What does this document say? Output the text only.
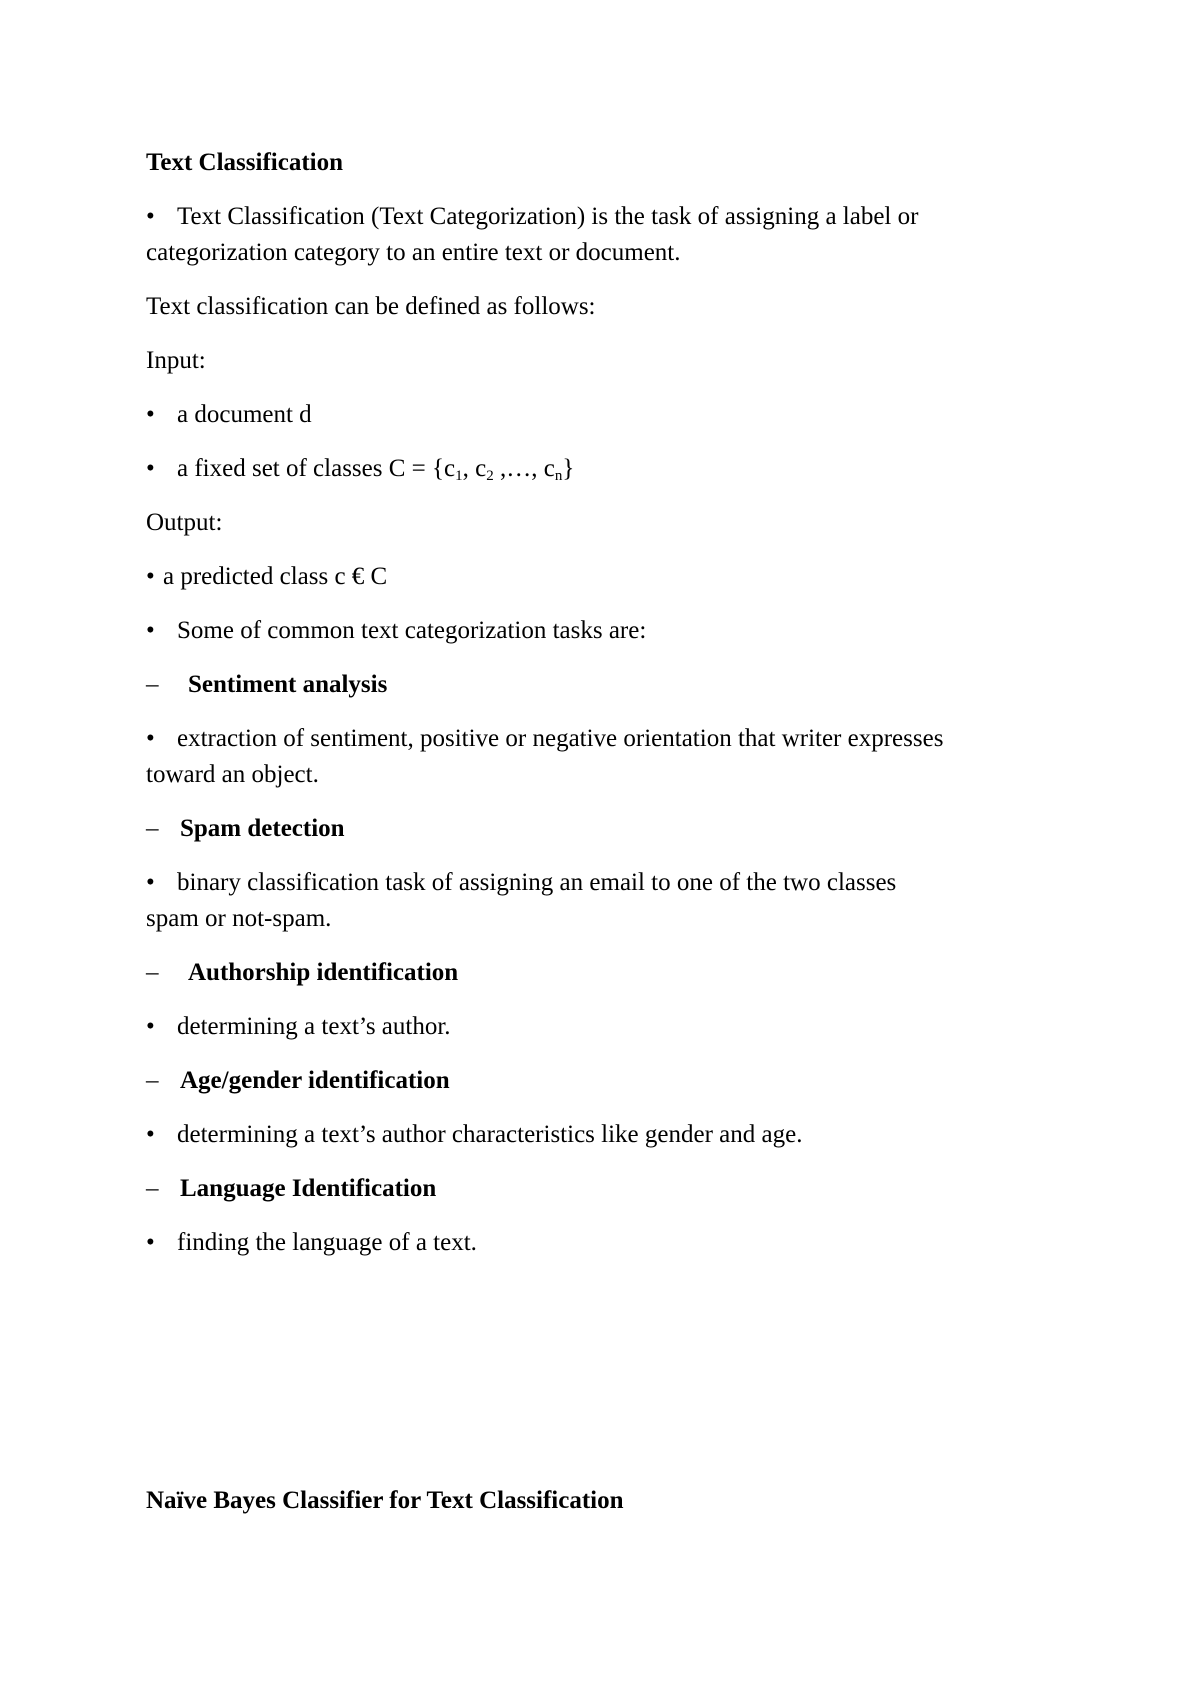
Text Classification
• Text Classification (Text Categorization) is the task of assigning a label or
categorization category to an entire text or document.
Text classification can be defined as follows:
Input:
• a document d
• a fixed set of classes $C = \{c_1$, $c_2$ ,…, $c_n$}
Output:
• a predicted class c € C
• Some of common text categorization tasks are:
– Sentiment analysis
• extraction of sentiment, positive or negative orientation that writer expresses
toward an object.
– Spam detection
• binary classification task of assigning an email to one of the two classes
spam or not-spam.
– Authorship identification
• determining a text’s author.
– Age/gender identification
• determining a text’s author characteristics like gender and age.
– Language Identification
• finding the language of a text.
Naïve Bayes Classifier for Text Classification
